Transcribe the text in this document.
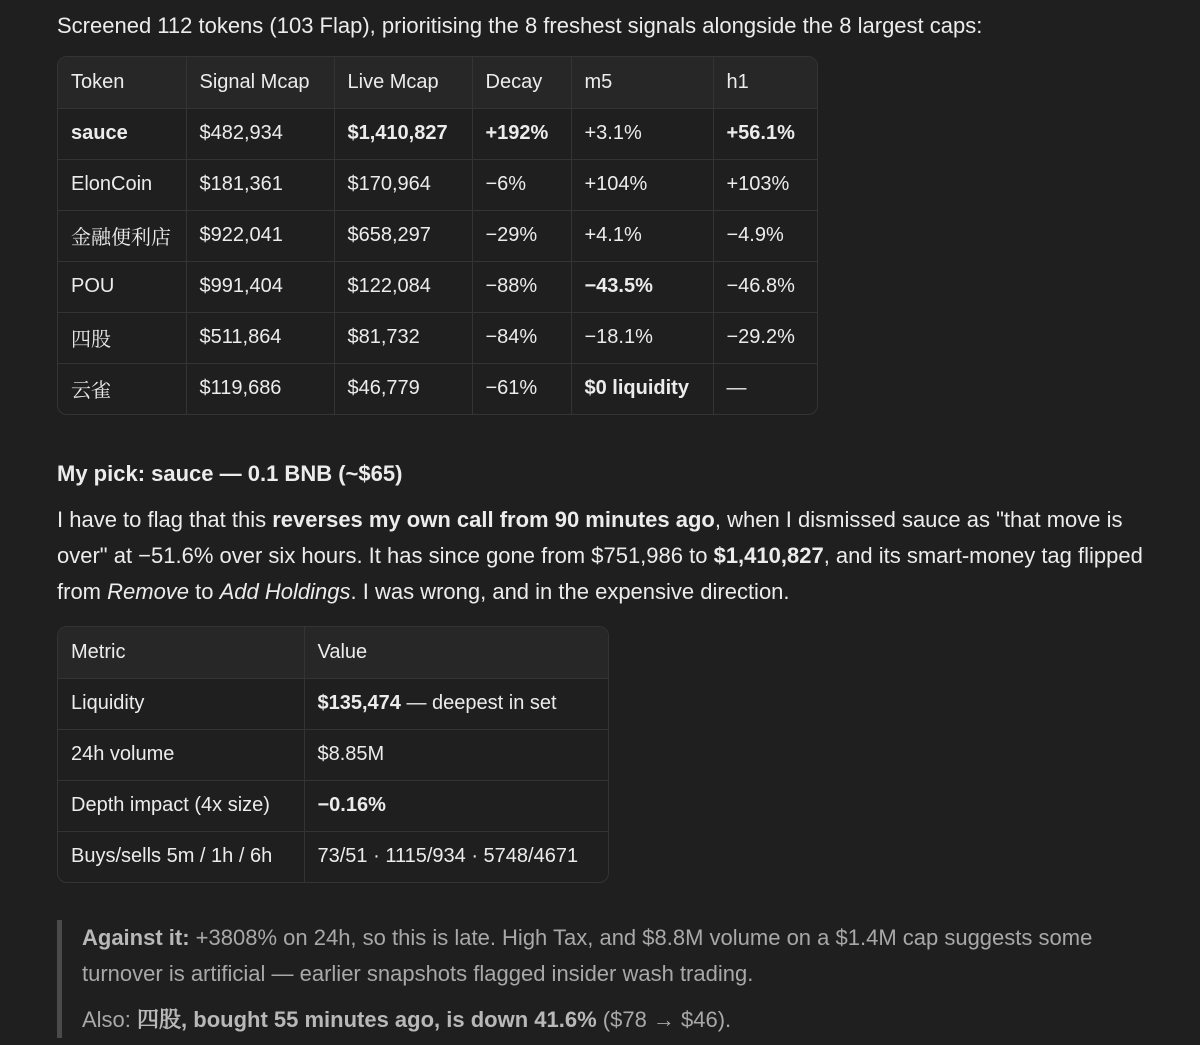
Screened 112 tokens (103 Flap), prioritising the 8 freshest signals alongside the 8 largest caps:

Token	Signal Mcap	Live Mcap	Decay	m5	h1
sauce	$482,934	$1,410,827	+192%	+3.1%	+56.1%
ElonCoin	$181,361	$170,964	−6%	+104%	+103%
金融便利店	$922,041	$658,297	−29%	+4.1%	−4.9%
POU	$991,404	$122,084	−88%	−43.5%	−46.8%
四股	$511,864	$81,732	−84%	−18.1%	−29.2%
云雀	$119,686	$46,779	−61%	$0 liquidity	—

My pick: sauce — 0.1 BNB (~$65)

I have to flag that this reverses my own call from 90 minutes ago, when I dismissed sauce as "that move is over" at −51.6% over six hours. It has since gone from $751,986 to $1,410,827, and its smart-money tag flipped from Remove to Add Holdings. I was wrong, and in the expensive direction.

Metric	Value
Liquidity	$135,474 — deepest in set
24h volume	$8.85M
Depth impact (4x size)	−0.16%
Buys/sells 5m / 1h / 6h	73/51 · 1115/934 · 5748/4671

Against it: +3808% on 24h, so this is late. High Tax, and $8.8M volume on a $1.4M cap suggests some turnover is artificial — earlier snapshots flagged insider wash trading.

Also: 四股, bought 55 minutes ago, is down 41.6% ($78 → $46).
